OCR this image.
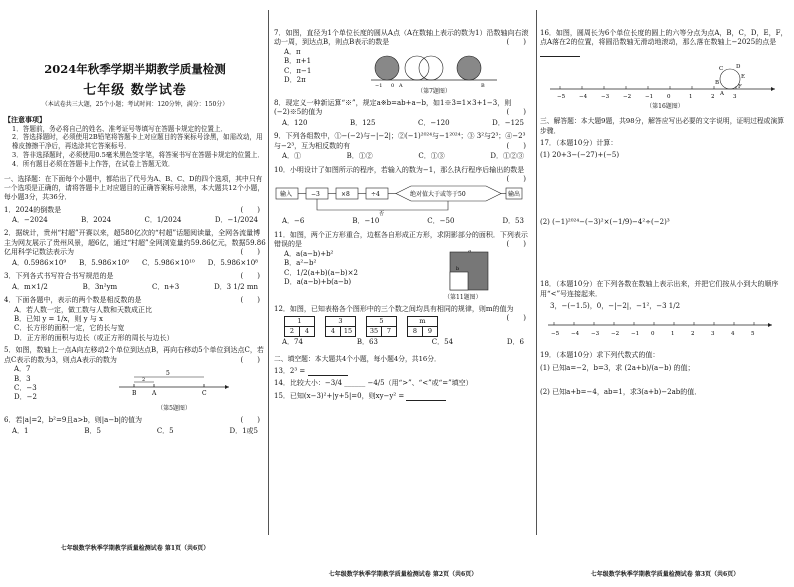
2024年秋季学期半期教学质量检测
七年级 数学试卷
（本试卷共三大题，25个小题；考试时间：120分钟，满分：150分）
【注意事项】
1．答题前，务必将自己的姓名、准考证号等填写在答题卡规定的位置上．
2．答选择题时，必须使用2B铅笔将答题卡上对应题目的答案标号涂黑，如需改动，用橡皮擦擦干净后，再选涂其它答案标号．
3．答非选择题时，必须使用0.5毫米黑色签字笔，将答案书写在答题卡规定的位置上．
4．所有题目必须在答题卡上作答，在试卷上答题无效．
一、选择题：在下面每个小题中，都给出了代号为A、B、C、D的四个选项，其中只有一个选项是正确的，请将答题卡上对应题目的正确答案标号涂黑，本大题共12个小题，每小题3分，共36分．
1．2024的倒数是	(　　)
A．−2024	B．2024	C．1/2024	D．−1/2024
2．据统计，贵州“村超”开赛以来，超580亿次的“村超”话题阅读量，全网各流量博主为网友展示了贵州风景，超6亿，通过“村超”全网浏览量约59.86亿元，数据59.86亿用科学记数法表示为	(　　)
A．0.5986×10⁹ B．5.986×10⁹ C．5.986×10¹⁰ D．5.986×10⁸
3．下列各式书写符合书写规范的是	(　　)
A．m×1/2	B．3n²ym	C．n+3	D．3 1/2 mn
4．下面各题中，表示的两个数是相反数的是	(　　)
A．若人数一定，做工数与人数和天数成正比
B．已知 y = 1/x，则 y 与 x
C．长方形的面积一定，它的长与宽
D．正方形的面积与边长（或正方形的周长与边长）
5．如图，数轴上一点A向左移动2个单位到达点B，再向右移动5个单位到达点C，若点C表示的数为3，则点A表示的数为	(　　)
A．7
B．3
C．−3
D．−2	B	A	C
5
2
（第5题图）
6．若|a|=2，b²=9且a>b，则|a−b|的值为	(　　)
A．1	B．5	C．5	D．1或5
七年级数学秋季学期教学质量检测试卷 第1页（共6页）
7．如图，直径为1个单位长度的圆从A点（A在数轴上表示的数为1）沿数轴向右滚动一周，到达点B，则点B表示的数是	(　　)
A．π
B．π+1
C．π−1
D．2π
−1 0 A	B
（第7题图）
8．现定义一种新运算“※”，规定a※b=ab+a−b，如1※3=1×3+1−3，则(−2)※5的值为	(　　)
A．120	B．125	C．−120	D．−125
9．下列各组数中，①−(−2)与−|−2|；②(−1)²⁰²⁴与−1²⁰²⁴；③ 3²与2³；④−2³与−2³，互为相反数的有	(　　)
A．①	B．①②	C．①③	D．①②③
10．小明设计了如图所示的程序，若输入的数为−1，那么执行程序后输出的数是
(　　)
输入	−3	×8	÷4	绝对值大于或等于50	输出
否
A．−6	B．−10	C．−50	D．53
11．如图，两个正方形重合，边框各自形成正方形，求阴影部分的面积．下列表示错误的是	(　　)
A．a(a−b)+b²
B．a²−b²
C．1/2(a+b)(a−b)×2
D．a(a−b)+b(a−b)
a
b
（第11题图）
12．如图，已知表格各个图形中的三个数之间均具有相同的规律，则m的值为
(　　)
1
2	4
3
4	15
5
35	7
m
8	9
A．74	B．63	C．54	D．6
二、填空题：本大题共4个小题，每小题4分，共16分．
13．2³ =
14．比较大小：−3/4 ______ −4/5（用“>”、“<”或“=”填空）
15．已知(x−3)²+|y+5|=0，则xy−y² =
七年级数学秋季学期教学质量检测试卷 第2页（共6页）
16．如图，圆周长为6个单位长度的圆上的六等分点为点A，B，C，D，E，F，点A落在2的位置，将圆沿数轴无滑动地滚动，那么落在数轴上−2025的点是
A
B
C D
E
F
−5	−4	−3	−2	−1	0	1	2	3
（第16题图）
三、解答题：本大题9题，共98分，解答应写出必要的文字说明，证明过程或演算步骤．
17．（本题10分）计算：
(1) 20+3−(−27)+(−5)
(2) (−1)²⁰²⁴−(−3)²×(−1/9)−4²÷(−2)³
18．（本题10分）在下列各数在数轴上表示出来，并把它们按从小到大的顺序用“<”号连接起来．
3，−(−1.5)，0，−|−2|，−1²，−3 1/2
−5 −4 −3 −2 −1 0	1	2	3	4	5
19．（本题10分）求下列代数式的值：
(1) 已知a=−2，b=3，求 (2a+b)/(a−b) 的值；
(2) 已知a+b=−4，ab=1，求3(a+b)−2ab的值．
七年级数学秋季学期教学质量检测试卷 第3页（共6页）
